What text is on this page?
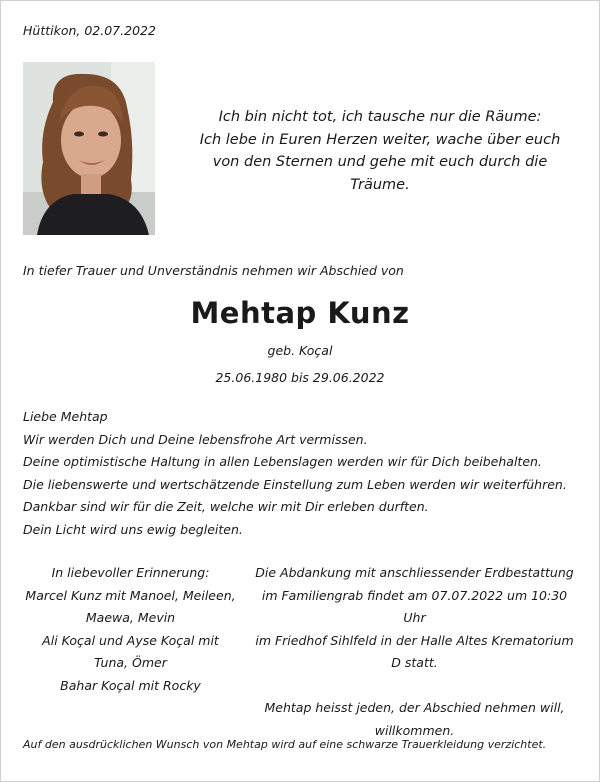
Hüttikon, 02.07.2022
Ich bin nicht tot, ich tausche nur die Räume:
Ich lebe in Euren Herzen weiter, wache über euch
von den Sternen und gehe mit euch durch die
Träume.
In tiefer Trauer und Unverständnis nehmen wir Abschied von
Mehtap Kunz
geb. Koçal
25.06.1980 bis 29.06.2022
Liebe Mehtap
Wir werden Dich und Deine lebensfrohe Art vermissen.
Deine optimistische Haltung in allen Lebenslagen werden wir für Dich beibehalten.
Die liebenswerte und wertschätzende Einstellung zum Leben werden wir weiterführen.
Dankbar sind wir für die Zeit, welche wir mit Dir erleben durften.
Dein Licht wird uns ewig begleiten.
In liebevoller Erinnerung:
Marcel Kunz mit Manoel, Meileen,
Maewa, Mevin
Ali Koçal und Ayse Koçal mit
Tuna, Ömer
Bahar Koçal mit Rocky
Die Abdankung mit anschliessender Erdbestattung
im Familiengrab findet am 07.07.2022 um 10:30 Uhr
im Friedhof Sihlfeld in der Halle Altes Krematorium
D statt.
Mehtap heisst jeden, der Abschied nehmen will,
willkommen.
Auf den ausdrücklichen Wunsch von Mehtap wird auf eine schwarze Trauerkleidung verzichtet.
